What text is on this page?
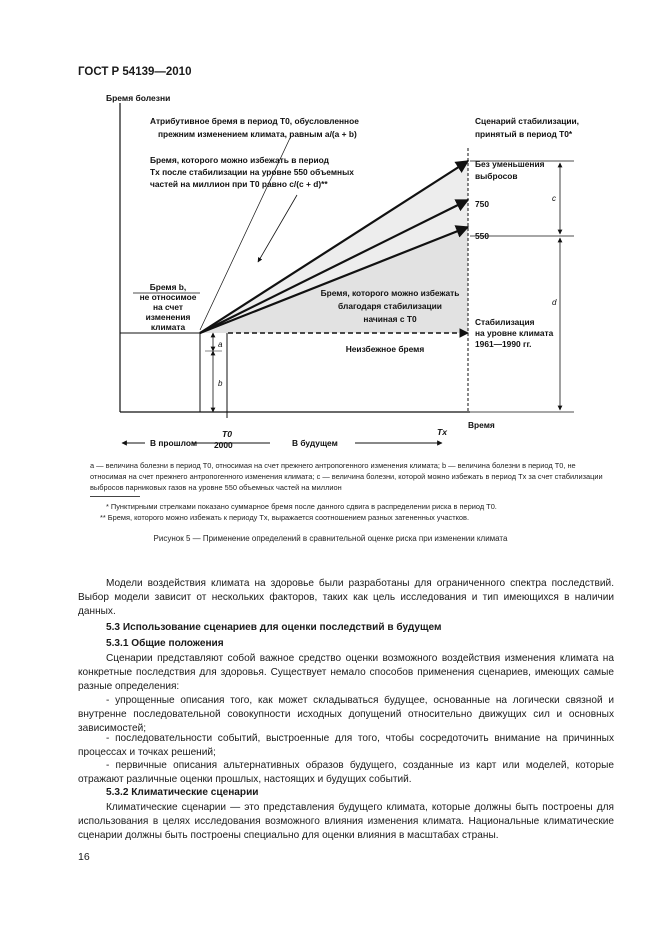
ГОСТ Р 54139—2010
Бремя болезни
Атрибутивное бремя в период T0, обусловленное
прежним изменением климата, равным a/(a + b)
Бремя, которого можно избежать в период
Tx после стабилизации на уровне 550 объемных
частей на миллион при T0 равно c/(c + d)**
Бремя b,
не относимое
на счет
изменения
климата
Сценарий стабилизации,
принятый в период T0*
Без уменьшения
выбросов
750
550
Стабилизация
на уровне климата
1961—1990 гг.
Бремя, которого можно избежать
благодаря стабилизации
начиная с T0
Неизбежное бремя
Время
T0
2000
Tx
В прошлом	В будущем
a
b
c
d
a — величина болезни в период T0, относимая на счет прежнего антропогенного изменения климата; b — величина болезни в период T0, не относимая на счет прежнего антропогенного изменения климата; c — величина болезни, которой можно избежать в период Tx за счет стабилизации выбросов парниковых газов на уровне 550 объемных частей на миллион
* Пунктирными стрелками показано суммарное бремя после данного сдвига в распределении риска в период T0.
** Бремя, которого можно избежать к периоду Tx, выражается соотношением разных затененных участков.
Рисунок 5 — Применение определений в сравнительной оценке риска при изменении климата

Модели воздействия климата на здоровье были разработаны для ограниченного спектра последствий. Выбор модели зависит от нескольких факторов, таких как цель исследования и тип имеющихся в наличии данных.

5.3 Использование сценариев для оценки последствий в будущем
5.3.1 Общие положения

Сценарии представляют собой важное средство оценки возможного воздействия изменения климата на конкретные последствия для здоровья. Существует немало способов применения сценариев, имеющих самые разные определения:

- упрощенные описания того, как может складываться будущее, основанные на логически связной и внутренне последовательной совокупности исходных допущений относительно движущих сил и основных зависимостей;

- последовательности событий, выстроенные для того, чтобы сосредоточить внимание на причинных процессах и точках решений;

- первичные описания альтернативных образов будущего, созданные из карт или моделей, которые отражают различные оценки прошлых, настоящих и будущих событий.

5.3.2 Климатические сценарии

Климатические сценарии — это представления будущего климата, которые должны быть построены для использования в целях исследования возможного влияния изменения климата. Национальные климатические сценарии должны быть построены специально для оценки влияния в масштабах страны.

16
